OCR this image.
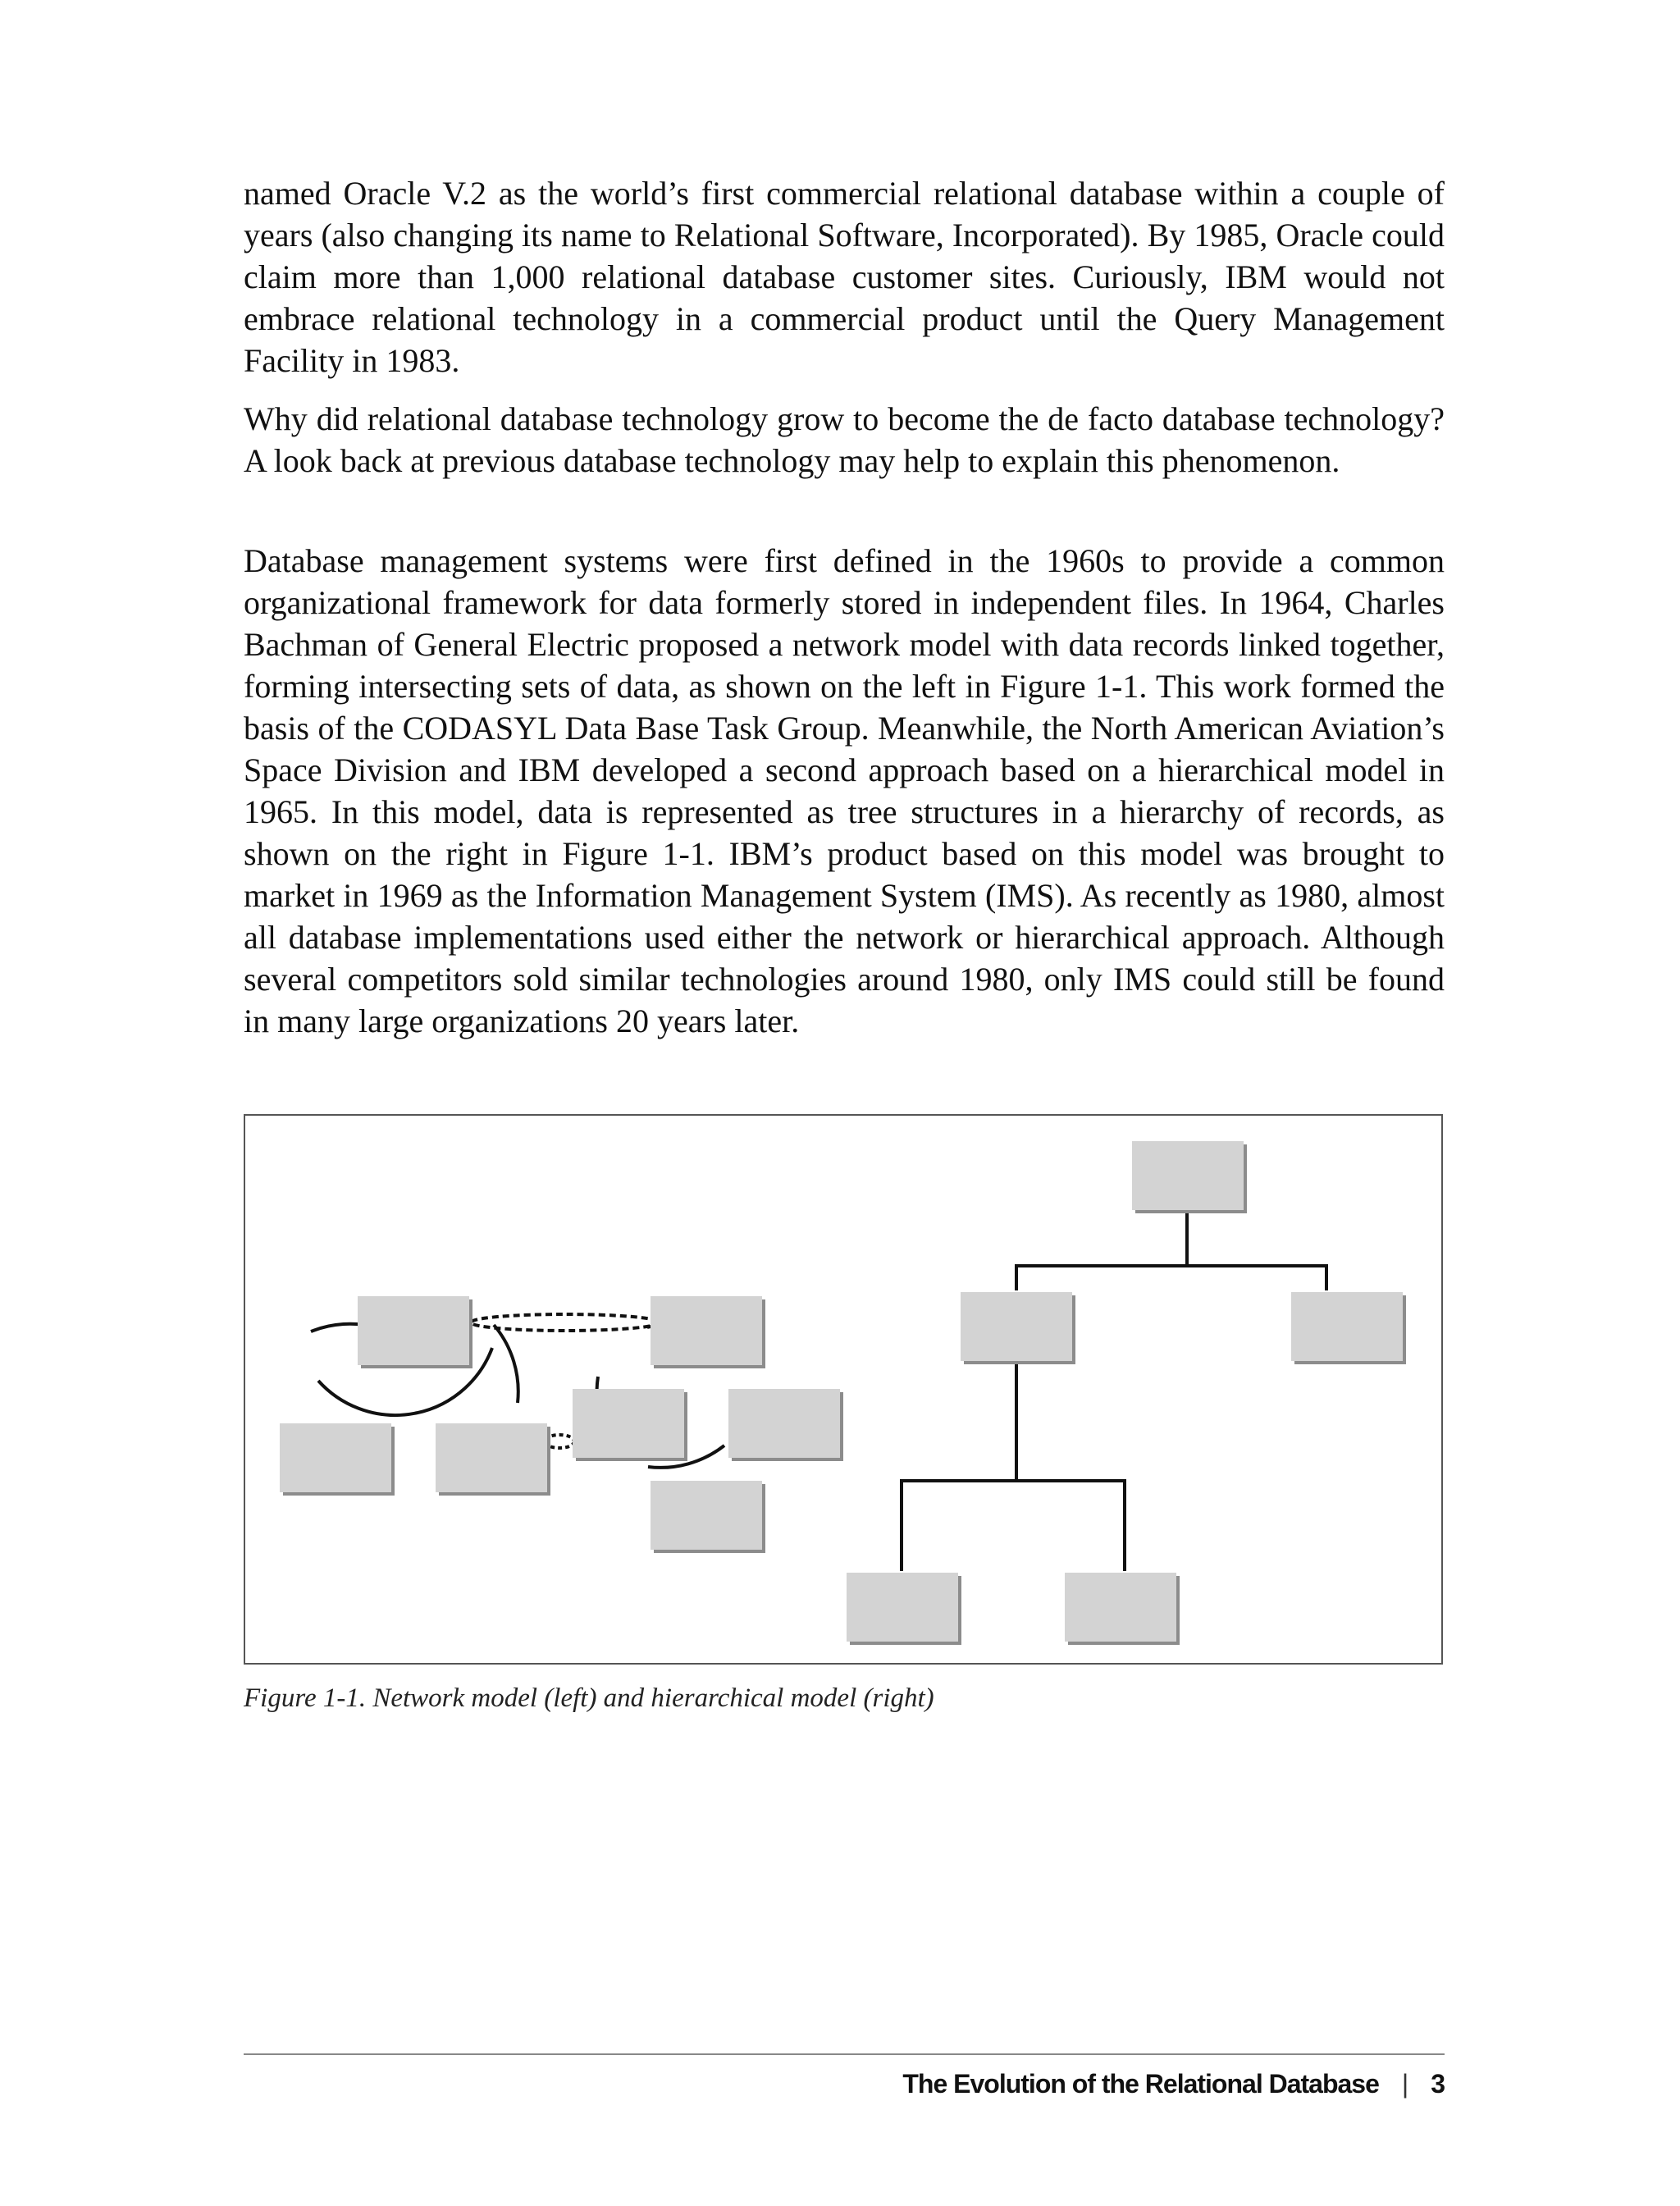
named Oracle V.2 as the world’s first commercial relational database within a couple of years (also changing its name to Relational Software, Incorporated). By 1985, Oracle could claim more than 1,000 relational database customer sites. Curiously, IBM would not embrace relational technology in a commercial product until the Query Management Facility in 1983.

Why did relational database technology grow to become the de facto database technology? A look back at previous database technology may help to explain this phenomenon.

Database management systems were first defined in the 1960s to provide a common organizational framework for data formerly stored in independent files. In 1964, Charles Bachman of General Electric proposed a network model with data records linked together, forming intersecting sets of data, as shown on the left in Figure 1-1. This work formed the basis of the CODASYL Data Base Task Group. Meanwhile, the North American Aviation’s Space Division and IBM developed a second approach based on a hierarchical model in 1965. In this model, data is represented as tree structures in a hierarchy of records, as shown on the right in Figure 1-1. IBM’s product based on this model was brought to market in 1969 as the Information Management System (IMS). As recently as 1980, almost all database implementations used either the network or hierarchical approach. Although several competitors sold similar technologies around 1980, only IMS could still be found in many large organizations 20 years later.

Figure 1-1. Network model (left) and hierarchical model (right)

The Evolution of the Relational Database | 3
